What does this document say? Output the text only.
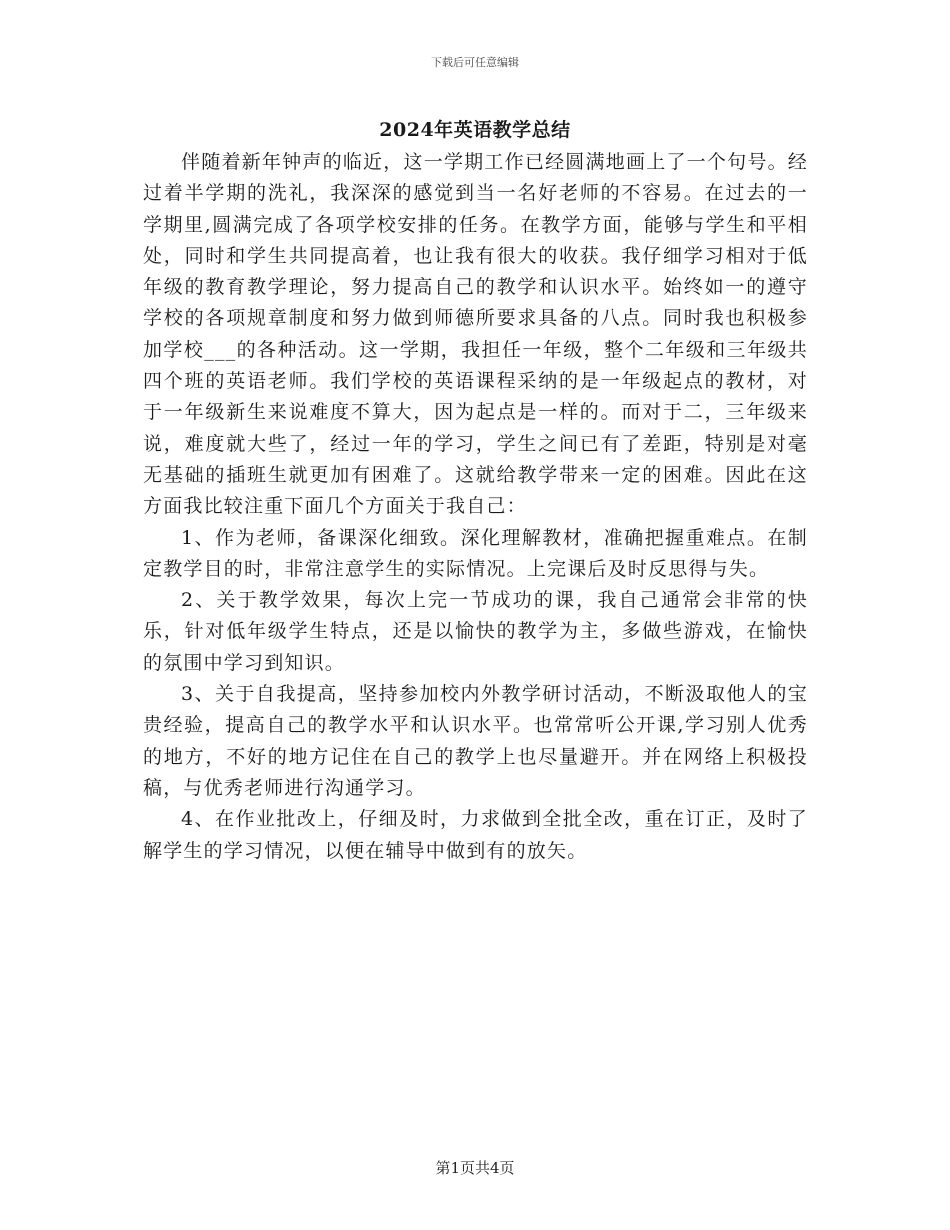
下载后可任意编辑
2024年英语教学总结

伴随着新年钟声的临近，这一学期工作已经圆满地画上了一个句号。经过着半学期的洗礼，我深深的感觉到当一名好老师的不容易。在过去的一学期里,圆满完成了各项学校安排的任务。在教学方面，能够与学生和平相处，同时和学生共同提高着，也让我有很大的收获。我仔细学习相对于低年级的教育教学理论，努力提高自己的教学和认识水平。始终如一的遵守学校的各项规章制度和努力做到师德所要求具备的八点。同时我也积极参加学校___的各种活动。这一学期，我担任一年级，整个二年级和三年级共四个班的英语老师。我们学校的英语课程采纳的是一年级起点的教材，对于一年级新生来说难度不算大，因为起点是一样的。而对于二，三年级来说，难度就大些了，经过一年的学习，学生之间已有了差距，特别是对毫无基础的插班生就更加有困难了。这就给教学带来一定的困难。因此在这方面我比较注重下面几个方面关于我自己：

1、作为老师，备课深化细致。深化理解教材，准确把握重难点。在制定教学目的时，非常注意学生的实际情况。上完课后及时反思得与失。

2、关于教学效果，每次上完一节成功的课，我自己通常会非常的快乐，针对低年级学生特点，还是以愉快的教学为主，多做些游戏，在愉快的氛围中学习到知识。

3、关于自我提高，坚持参加校内外教学研讨活动，不断汲取他人的宝贵经验，提高自己的教学水平和认识水平。也常常听公开课,学习别人优秀的地方，不好的地方记住在自己的教学上也尽量避开。并在网络上积极投稿，与优秀老师进行沟通学习。

4、在作业批改上，仔细及时，力求做到全批全改，重在订正，及时了解学生的学习情况，以便在辅导中做到有的放矢。

第1页共4页
